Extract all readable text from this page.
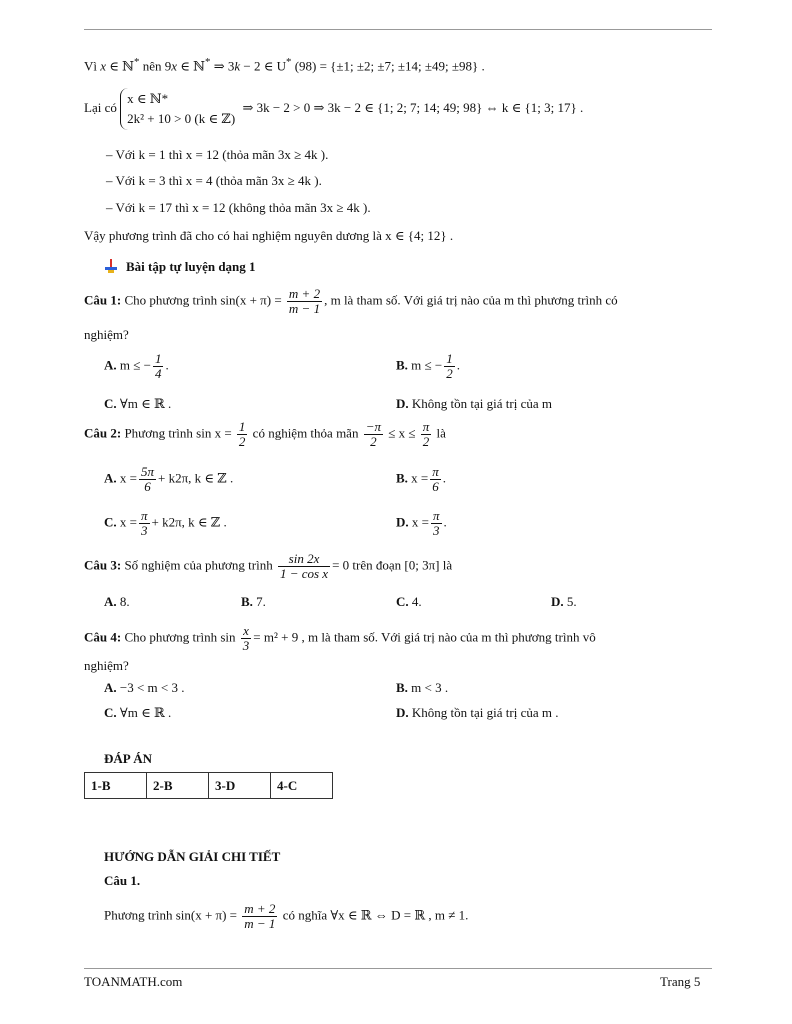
Vì x ∈ ℕ* nên 9x ∈ ℕ* ⇒ 3k − 2 ∈ U* (98) = {±1; ±2; ±7; ±14; ±49; ±98} .
Lại có
x ∈ ℕ*
2k² + 10 > 0 (k ∈ ℤ)
⇒ 3k − 2 > 0 ⇒ 3k − 2 ∈ {1; 2; 7; 14; 49; 98} ⇔ k ∈ {1; 3; 17} .
– Với k = 1 thì x = 12 (thỏa mãn 3x ≥ 4k ).
– Với k = 3 thì x = 4 (thỏa mãn 3x ≥ 4k ).
– Với k = 17 thì x = 12 (không thỏa mãn 3x ≥ 4k ).
Vậy phương trình đã cho có hai nghiệm nguyên dương là x ∈ {4; 12} .
Bài tập tự luyện dạng 1
Câu 1: Cho phương trình $\sin(x + \pi) = \frac{m + 2}{m - 1}$ , m là tham số. Với giá trị nào của m thì phương trình có
nghiệm?
A. m ≤ − $\frac{1}{4}$ .	B. m ≤ − $\frac{1}{2}$ .
C. ∀m ∈ ℝ .	D. Không tồn tại giá trị của m
Câu 2: Phương trình $\sin x = \frac{1}{2}$ có nghiệm thỏa mãn $\frac{-\pi}{2} \le x \le \frac{\pi}{2}$ là
A. $x = \frac{5\pi}{6} + k2\pi$, k ∈ ℤ .	B. $x = \frac{\pi}{6}$ .
C. $x = \frac{\pi}{3} + k2\pi$, k ∈ ℤ .	D. $x = \frac{\pi}{3}$ .
Câu 3: Số nghiệm của phương trình $\frac{\sin 2x}{\text{1 − cos x}} = 0$ trên đoạn [0; 3π] là
A. 8.	B. 7.	C. 4.	D. 5.
Câu 4: Cho phương trình $\sin \frac{x}{3} = m^2 + 9$ , m là tham số. Với giá trị nào của m thì phương trình vô
nghiệm?
A. −3 < m < 3 .	B. m < 3 .
C. ∀m ∈ ℝ .	D. Không tồn tại giá trị của m .
ĐÁP ÁN
1-B	2-B	3-D	4-C
HƯỚNG DẪN GIẢI CHI TIẾT
Câu 1.
Phương trình $\sin(x + \pi) = \frac{m + 2}{m - 1}$ có nghĩa ∀x ∈ ℝ ⇔ D = ℝ , m ≠ 1.
TOANMATH.com	Trang 5
